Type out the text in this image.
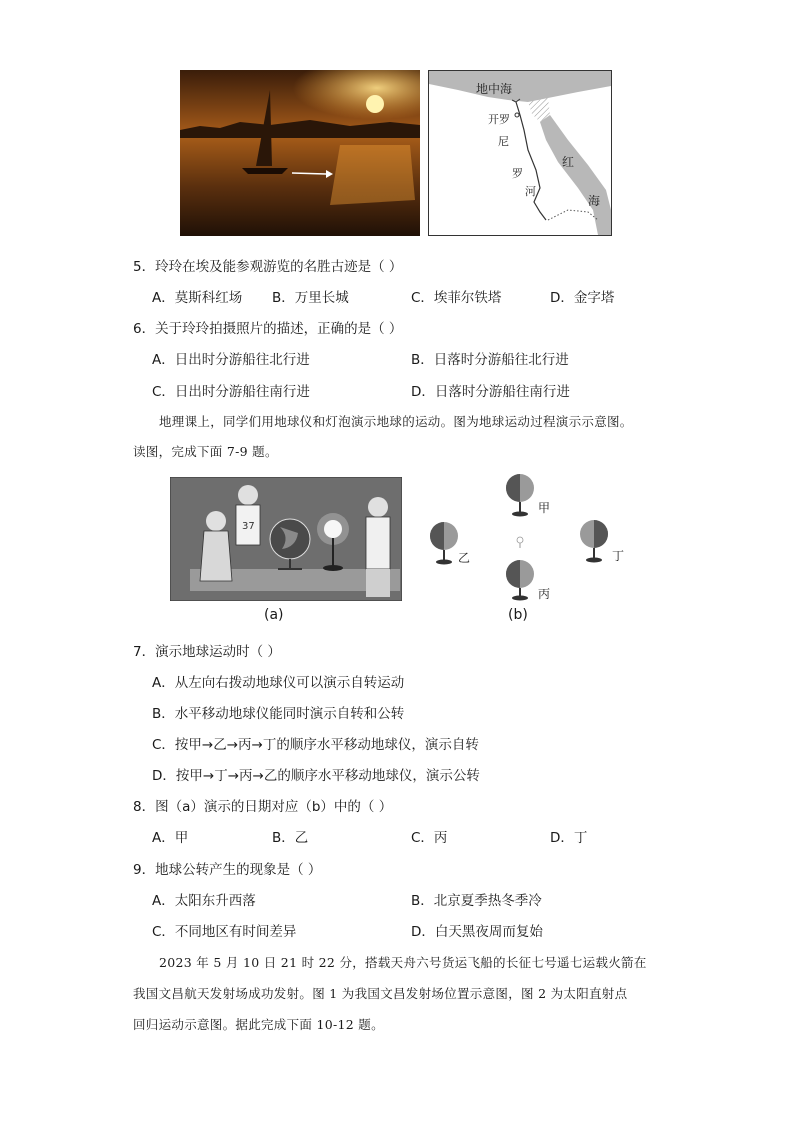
地中海
开罗
尼
罗
河
红
海
5．玲玲在埃及能参观游览的名胜古迹是（ ）
A．莫斯科红场 B．万里长城	C．埃菲尔铁塔	D．金字塔
6．关于玲玲拍摄照片的描述，正确的是（ ）
A．日出时分游船往北行进	B．日落时分游船往北行进
C．日出时分游船往南行进	D．日落时分游船往南行进
地理课上，同学们用地球仪和灯泡演示地球的运动。图为地球运动过程演示示意图。
读图，完成下面 7-9 题。
37
(a)
甲
乙
丙
丁
(b)
7．演示地球运动时（ ）
A．从左向右拨动地球仪可以演示自转运动
B．水平移动地球仪能同时演示自转和公转
C．按甲→乙→丙→丁的顺序水平移动地球仪，演示自转
D．按甲→丁→丙→乙的顺序水平移动地球仪，演示公转
8．图（a）演示的日期对应（b）中的（ ）
A．甲	B．乙	C．丙	D．丁
9．地球公转产生的现象是（ ）
A．太阳东升西落	B．北京夏季热冬季冷
C．不同地区有时间差异	D．白天黑夜周而复始
2023 年 5 月 10 日 21 时 22 分，搭载天舟六号货运飞船的长征七号遥七运载火箭在
我国文昌航天发射场成功发射。图 1 为我国文昌发射场位置示意图，图 2 为太阳直射点
回归运动示意图。据此完成下面 10-12 题。
